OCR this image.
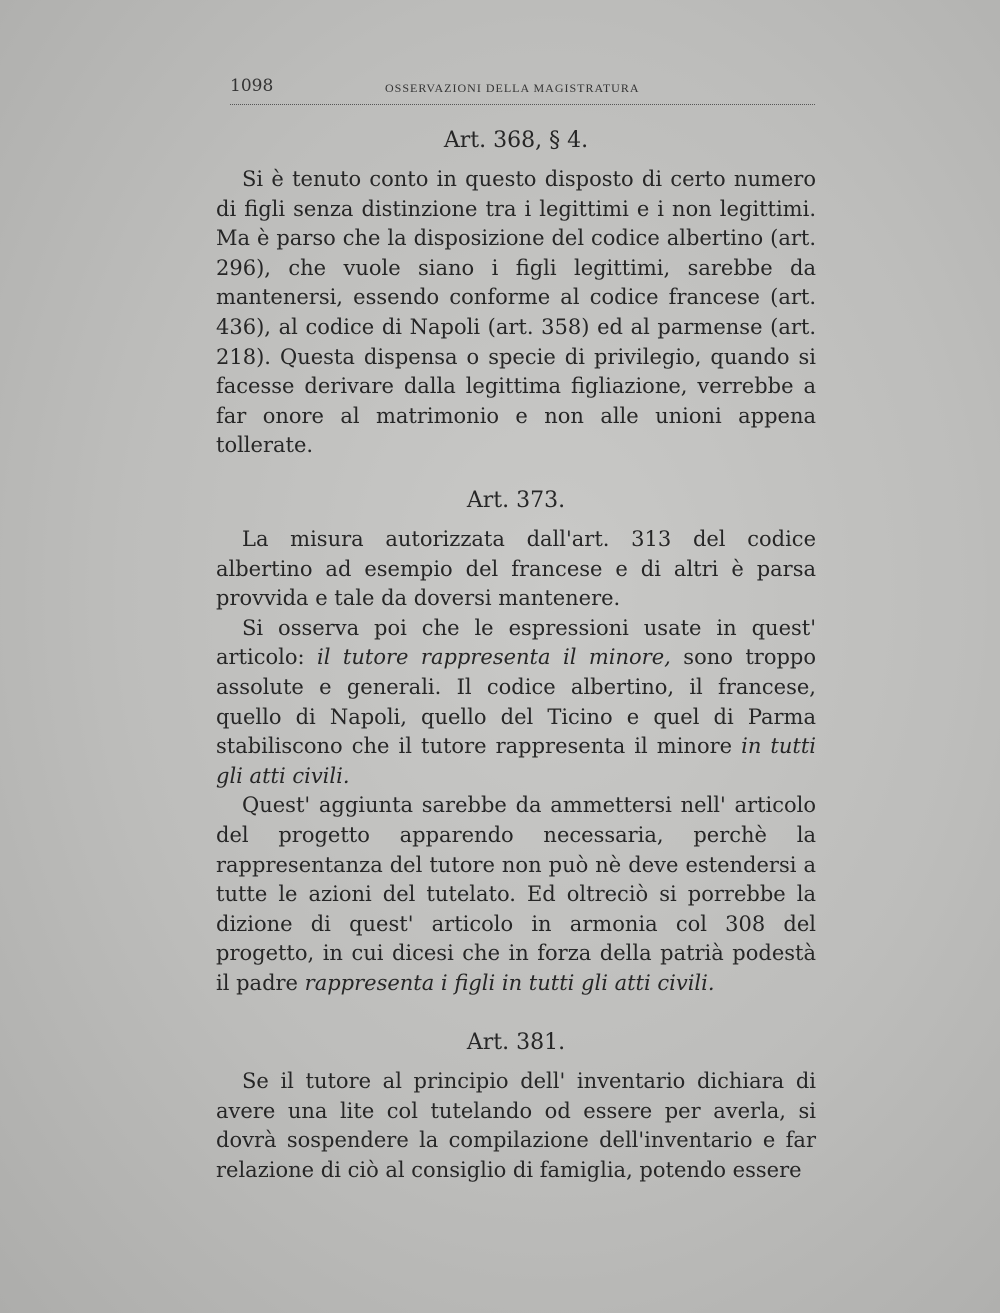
1098	OSSERVAZIONI DELLA MAGISTRATURA
Art. 368, § 4.

Si è tenuto conto in questo disposto di certo numero di figli senza distinzione tra i legittimi e i non legittimi. Ma è parso che la disposizione del codice albertino (art. 296), che vuole siano i figli legittimi, sarebbe da mantenersi, essendo conforme al codice francese (art. 436), al codice di Napoli (art. 358) ed al parmense (art. 218). Questa dispensa o specie di privilegio, quando si facesse derivare dalla legittima figliazione, verrebbe a far onore al matrimonio e non alle unioni appena tollerate.

Art. 373.

La misura autorizzata dall'art. 313 del codice albertino ad esempio del francese e di altri è parsa provvida e tale da doversi mantenere.

Si osserva poi che le espressioni usate in quest' articolo: il tutore rappresenta il minore, sono troppo assolute e generali. Il codice albertino, il francese, quello di Napoli, quello del Ticino e quel di Parma stabiliscono che il tutore rappresenta il minore in tutti gli atti civili.

Quest' aggiunta sarebbe da ammettersi nell' articolo del progetto apparendo necessaria, perchè la rappresentanza del tutore non può nè deve estendersi a tutte le azioni del tutelato. Ed oltreciò si porrebbe la dizione di quest' articolo in armonia col 308 del progetto, in cui dicesi che in forza della patrià podestà il padre rappresenta i figli in tutti gli atti civili.

Art. 381.

Se il tutore al principio dell' inventario dichiara di avere una lite col tutelando od essere per averla, si dovrà sospendere la compilazione dell'inventario e far relazione di ciò al consiglio di famiglia, potendo essere
